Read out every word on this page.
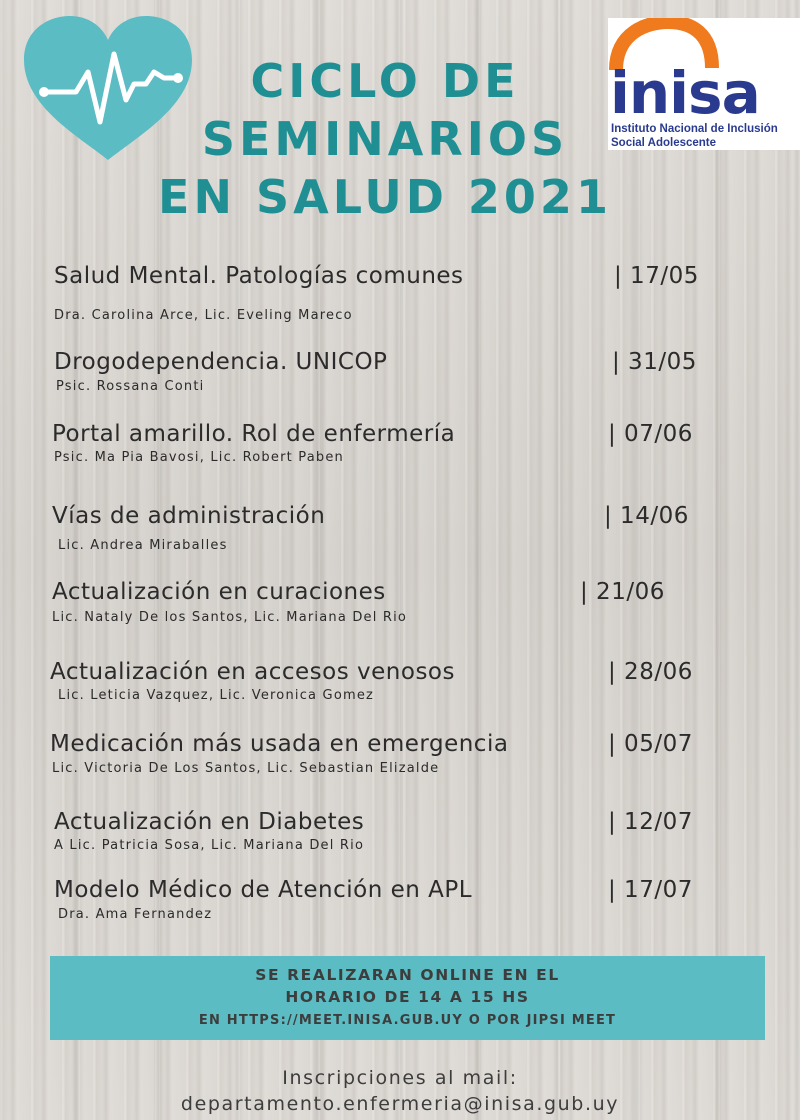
CICLO DE
SEMINARIOS
EN SALUD 2021
inisa
Instituto Nacional de Inclusión
Social Adolescente
Salud Mental. Patologías comunes	| 17/05
Dra. Carolina Arce, Lic. Eveling Mareco
Drogodependencia. UNICOP	| 31/05
Psic. Rossana Conti
Portal amarillo. Rol de enfermería	| 07/06
Psic. Ma Pia Bavosi, Lic. Robert Paben
Vías de administración	| 14/06
Lic. Andrea Miraballes
Actualización en curaciones	| 21/06
Lic. Nataly De los Santos, Lic. Mariana Del Rio
Actualización en accesos venosos	| 28/06
Lic. Leticia Vazquez, Lic. Veronica Gomez
Medicación más usada en emergencia	| 05/07
Lic. Victoria De Los Santos, Lic. Sebastian Elizalde
Actualización en Diabetes	| 12/07
A Lic. Patricia Sosa, Lic. Mariana Del Rio
Modelo Médico de Atención en APL	| 17/07
Dra. Ama Fernandez
SE REALIZARAN ONLINE EN EL
HORARIO DE 14 A 15 HS
EN HTTPS://MEET.INISA.GUB.UY O POR JIPSI MEET
Inscripciones al mail:
departamento.enfermeria@inisa.gub.uy
